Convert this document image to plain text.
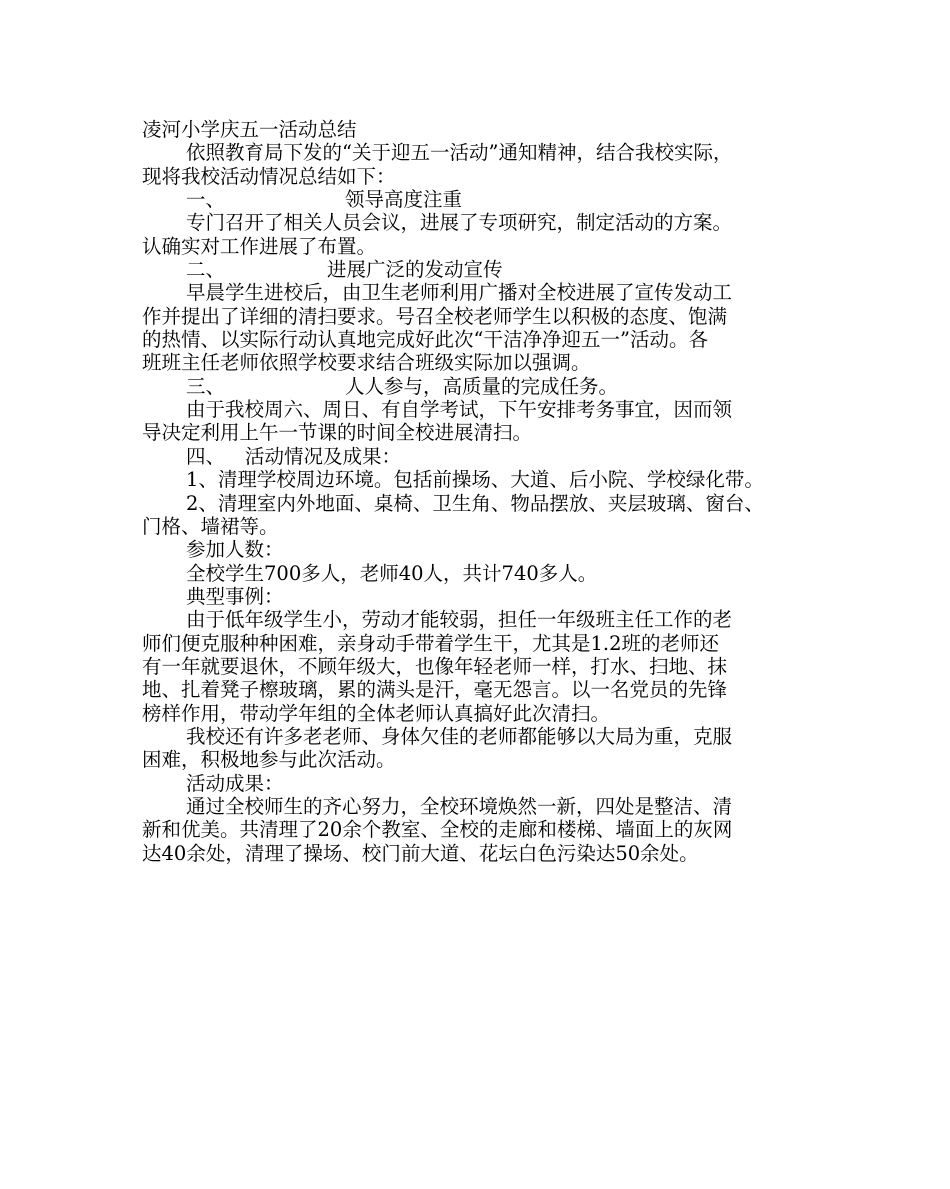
凌河小学庆五一活动总结
依照教育局下发的“关于迎五一活动”通知精神，结合我校实际，
现将我校活动情况总结如下：
一、	领导高度注重
专门召开了相关人员会议，进展了专项研究，制定活动的方案。
认确实对工作进展了布置。
二、	进展广泛的发动宣传
早晨学生进校后，由卫生老师利用广播对全校进展了宣传发动工
作并提出了详细的清扫要求。号召全校老师学生以积极的态度、饱满
的热情、以实际行动认真地完成好此次“干洁净净迎五一”活动。各
班班主任老师依照学校要求结合班级实际加以强调。
三、	人人参与，高质量的完成任务。
由于我校周六、周日、有自学考试，下午安排考务事宜，因而领
导决定利用上午一节课的时间全校进展清扫。
四、 活动情况及成果：
1、清理学校周边环境。包括前操场、大道、后小院、学校绿化带。
2、清理室内外地面、桌椅、卫生角、物品摆放、夹层玻璃、窗台、
门格、墙裙等。
参加人数：
全校学生700多人，老师40人，共计740多人。
典型事例：
由于低年级学生小，劳动才能较弱，担任一年级班主任工作的老
师们便克服种种困难，亲身动手带着学生干，尤其是1.2班的老师还
有一年就要退休，不顾年级大，也像年轻老师一样，打水、扫地、抹
地、扎着凳子檫玻璃，累的满头是汗，毫无怨言。以一名党员的先锋
榜样作用，带动学年组的全体老师认真搞好此次清扫。
我校还有许多老老师、身体欠佳的老师都能够以大局为重，克服
困难，积极地参与此次活动。
活动成果：
通过全校师生的齐心努力，全校环境焕然一新，四处是整洁、清
新和优美。共清理了20余个教室、全校的走廊和楼梯、墙面上的灰网
达40余处，清理了操场、校门前大道、花坛白色污染达50余处。
